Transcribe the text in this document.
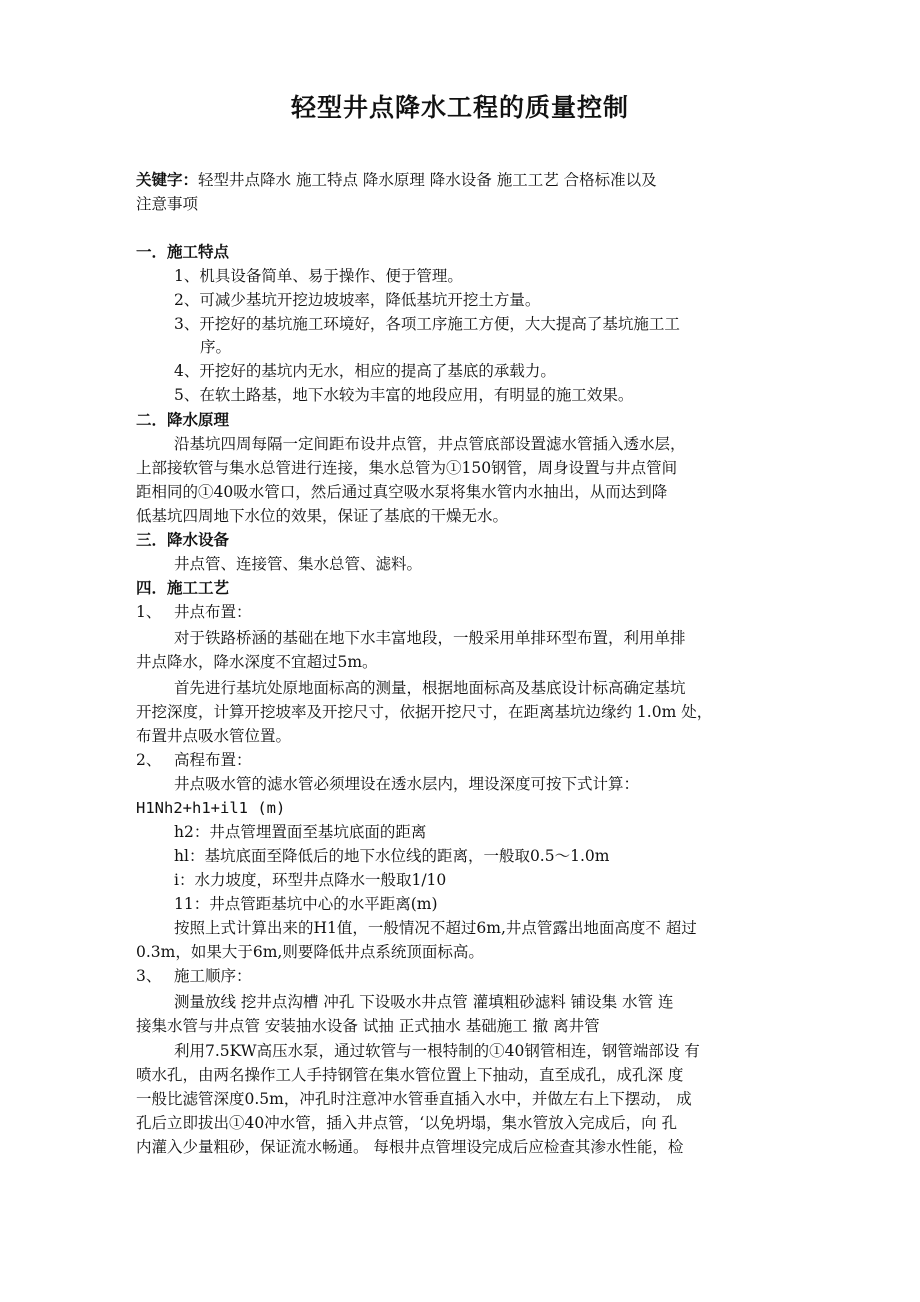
轻型井点降水工程的质量控制
关键字：轻型井点降水 施工特点 降水原理 降水设备 施工工艺 合格标准以及
注意事项
一．施工特点
1、机具设备简单、易于操作、便于管理。
2、可减少基坑开挖边坡坡率，降低基坑开挖土方量。
3、开挖好的基坑施工环境好，各项工序施工方便，大大提高了基坑施工工
序。
4、开挖好的基坑内无水，相应的提高了基底的承载力。
5、在软土路基，地下水较为丰富的地段应用，有明显的施工效果。
二．降水原理
沿基坑四周每隔一定间距布设井点管，井点管底部设置滤水管插入透水层，
上部接软管与集水总管进行连接，集水总管为①150钢管，周身设置与井点管间
距相同的①40吸水管口，然后通过真空吸水泵将集水管内水抽出，从而达到降
低基坑四周地下水位的效果，保证了基底的干燥无水。
三．降水设备
井点管、连接管、集水总管、滤料。
四．施工工艺
1、 井点布置：
对于铁路桥涵的基础在地下水丰富地段，一般采用单排环型布置，利用单排
井点降水，降水深度不宜超过5m。
首先进行基坑处原地面标高的测量，根据地面标高及基底设计标高确定基坑
开挖深度，计算开挖坡率及开挖尺寸，依据开挖尺寸，在距离基坑边缘约 1.0m 处，
布置井点吸水管位置。
2、 高程布置：
井点吸水管的滤水管必须埋设在透水层内，埋设深度可按下式计算：
H1Nh2+h1+il1 (m)
h2：井点管埋置面至基坑底面的距离
hl：基坑底面至降低后的地下水位线的距离，一般取0.5〜1.0m
i：水力坡度，环型井点降水一般取1/10
11：井点管距基坑中心的水平距离(m)
按照上式计算出来的H1值，一般情况不超过6m,井点管露出地面高度不 超过
0.3m，如果大于6m,则要降低井点系统顶面标高。
3、 施工顺序：
测量放线 挖井点沟槽 冲孔 下设吸水井点管 灌填粗砂滤料 铺设集 水管 连
接集水管与井点管 安装抽水设备 试抽 正式抽水 基础施工 撤 离井管
利用7.5KW高压水泵，通过软管与一根特制的①40钢管相连，钢管端部设 有
喷水孔，由两名操作工人手持钢管在集水管位置上下抽动，直至成孔，成孔深 度
一般比滤管深度0.5m，冲孔时注意冲水管垂直插入水中，并做左右上下摆动， 成
孔后立即拔出①40冲水管，插入井点管，‘以免坍塌，集水管放入完成后，向 孔
内灌入少量粗砂，保证流水畅通。 每根井点管埋设完成后应检查其渗水性能，检
